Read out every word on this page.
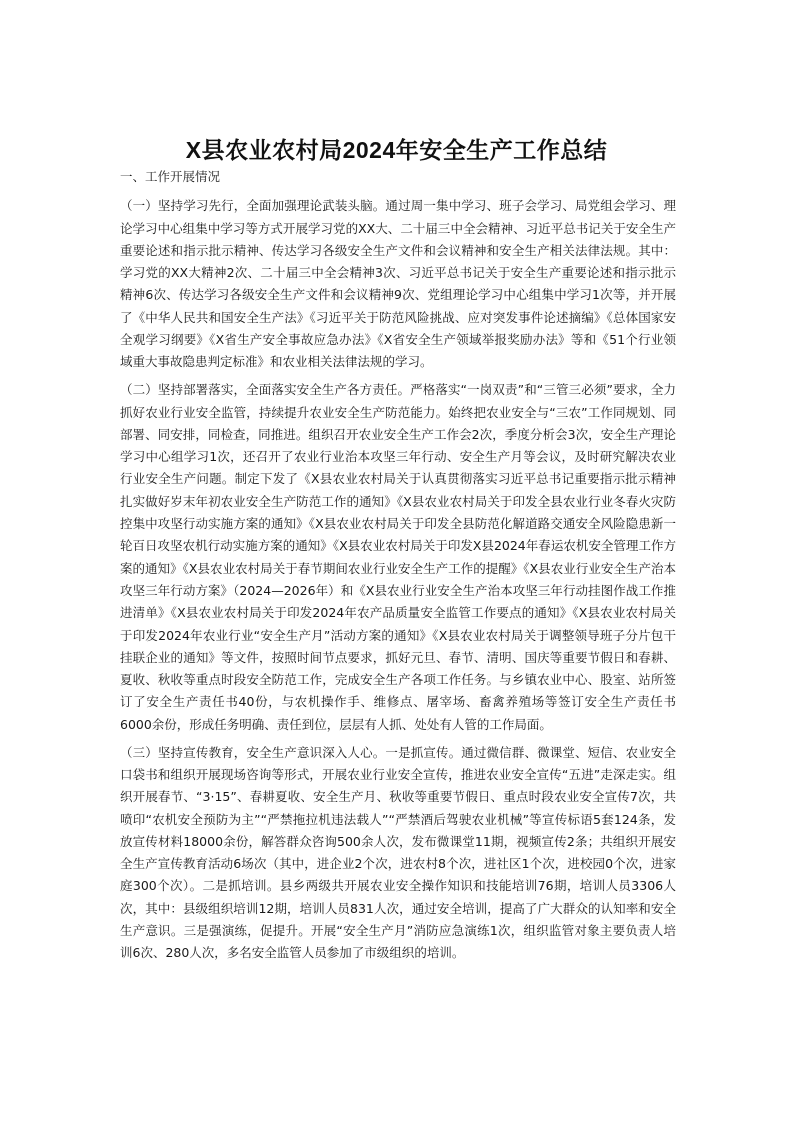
X县农业农村局2024年安全生产工作总结

一、工作开展情况

（一）坚持学习先行，全面加强理论武装头脑。通过周一集中学习、班子会学习、局党组会学习、理论学习中心组集中学习等方式开展学习党的XX大、二十届三中全会精神、习近平总书记关于安全生产重要论述和指示批示精神、传达学习各级安全生产文件和会议精神和安全生产相关法律法规。其中：学习党的XX大精神2次、二十届三中全会精神3次、习近平总书记关于安全生产重要论述和指示批示精神6次、传达学习各级安全生产文件和会议精神9次、党组理论学习中心组集中学习1次等，并开展了《中华人民共和国安全生产法》《习近平关于防范风险挑战、应对突发事件论述摘编》《总体国家安全观学习纲要》《X省生产安全事故应急办法》《X省安全生产领域举报奖励办法》等和《51个行业领域重大事故隐患判定标准》和农业相关法律法规的学习。

（二）坚持部署落实，全面落实安全生产各方责任。严格落实“一岗双责”和“三管三必须”要求，全力抓好农业行业安全监管，持续提升农业安全生产防范能力。始终把农业安全与“三农”工作同规划、同部署、同安排，同检查，同推进。组织召开农业安全生产工作会2次，季度分析会3次，安全生产理论学习中心组学习1次，还召开了农业行业治本攻坚三年行动、安全生产月等会议，及时研究解决农业行业安全生产问题。制定下发了《X县农业农村局关于认真贯彻落实习近平总书记重要指示批示精神扎实做好岁末年初农业安全生产防范工作的通知》《X县农业农村局关于印发全县农业行业冬春火灾防控集中攻坚行动实施方案的通知》《X县农业农村局关于印发全县防范化解道路交通安全风险隐患新一轮百日攻坚农机行动实施方案的通知》《X县农业农村局关于印发X县2024年春运农机安全管理工作方案的通知》《X县农业农村局关于春节期间农业行业安全生产工作的提醒》《X县农业行业安全生产治本攻坚三年行动方案》（2024—2026年）和《X县农业行业安全生产治本攻坚三年行动挂图作战工作推进清单》《X县农业农村局关于印发2024年农产品质量安全监管工作要点的通知》《X县农业农村局关于印发2024年农业行业“安全生产月”活动方案的通知》《X县农业农村局关于调整领导班子分片包干挂联企业的通知》等文件，按照时间节点要求，抓好元旦、春节、清明、国庆等重要节假日和春耕、夏收、秋收等重点时段安全防范工作，完成安全生产各项工作任务。与乡镇农业中心、股室、站所签订了安全生产责任书40份，与农机操作手、维修点、屠宰场、畜禽养殖场等签订安全生产责任书6000余份，形成任务明确、责任到位，层层有人抓、处处有人管的工作局面。

（三）坚持宣传教育，安全生产意识深入人心。一是抓宣传。通过微信群、微课堂、短信、农业安全口袋书和组织开展现场咨询等形式，开展农业行业安全宣传，推进农业安全宣传“五进”走深走实。组织开展春节、“3·15”、春耕夏收、安全生产月、秋收等重要节假日、重点时段农业安全宣传7次，共喷印“农机安全预防为主”“严禁拖拉机违法载人”“严禁酒后驾驶农业机械”等宣传标语5套124条，发放宣传材料18000余份，解答群众咨询500余人次，发布微课堂11期，视频宣传2条；共组织开展安全生产宣传教育活动6场次（其中，进企业2个次，进农村8个次，进社区1个次，进校园0个次，进家庭300个次）。二是抓培训。县乡两级共开展农业安全操作知识和技能培训76期，培训人员3306人次，其中：县级组织培训12期，培训人员831人次，通过安全培训，提高了广大群众的认知率和安全生产意识。三是强演练，促提升。开展“安全生产月”消防应急演练1次，组织监管对象主要负责人培训6次、280人次，多名安全监管人员参加了市级组织的培训。
